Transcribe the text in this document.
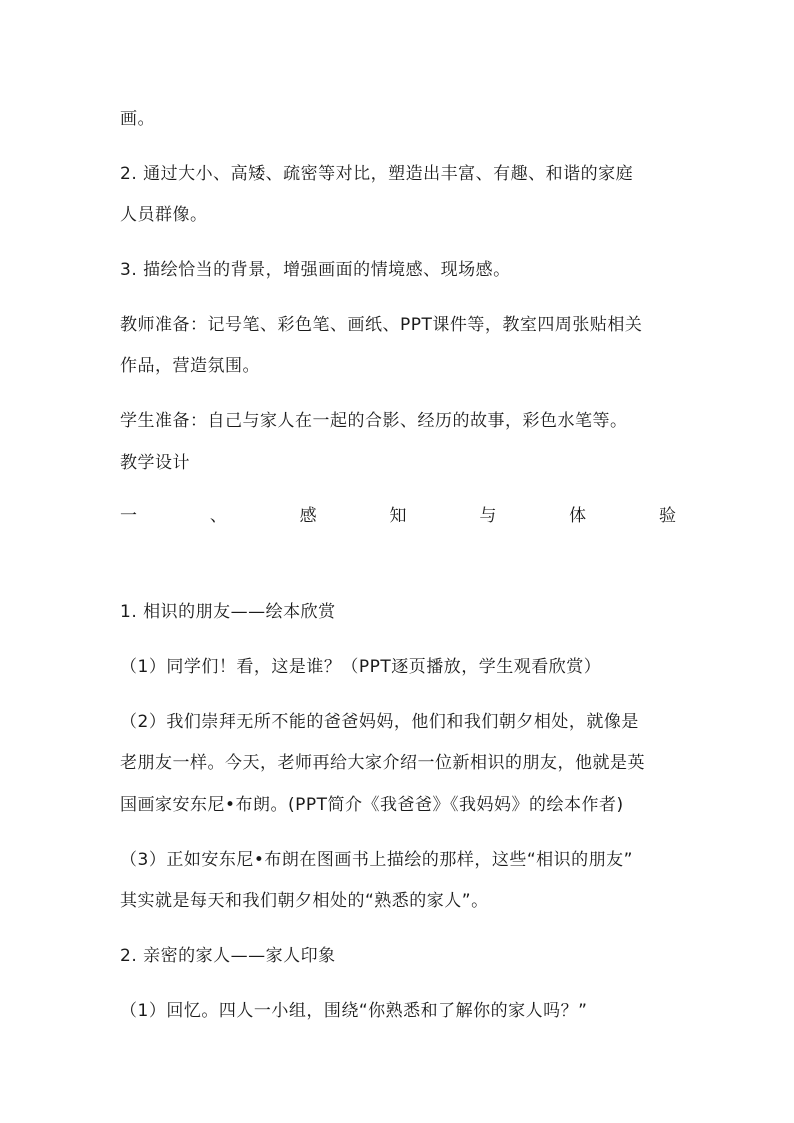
画。
2. 通过大小、高矮、疏密等对比，塑造出丰富、有趣、和谐的家庭
人员群像。
3. 描绘恰当的背景，增强画面的情境感、现场感。
教师准备：记号笔、彩色笔、画纸、PPT课件等，教室四周张贴相关
作品，营造氛围。
学生准备：自己与家人在一起的合影、经历的故事，彩色水笔等。
教学设计
一	、	感	知	与	体	验
1. 相识的朋友——绘本欣赏
（1）同学们！看，这是谁？（PPT逐页播放，学生观看欣赏）
（2）我们崇拜无所不能的爸爸妈妈，他们和我们朝夕相处，就像是
老朋友一样。今天，老师再给大家介绍一位新相识的朋友，他就是英
国画家安东尼•布朗。(PPT简介《我爸爸》《我妈妈》的绘本作者)
（3）正如安东尼•布朗在图画书上描绘的那样，这些“相识的朋友”
其实就是每天和我们朝夕相处的“熟悉的家人”。
2. 亲密的家人——家人印象
（1）回忆。四人一小组，围绕“你熟悉和了解你的家人吗？”
